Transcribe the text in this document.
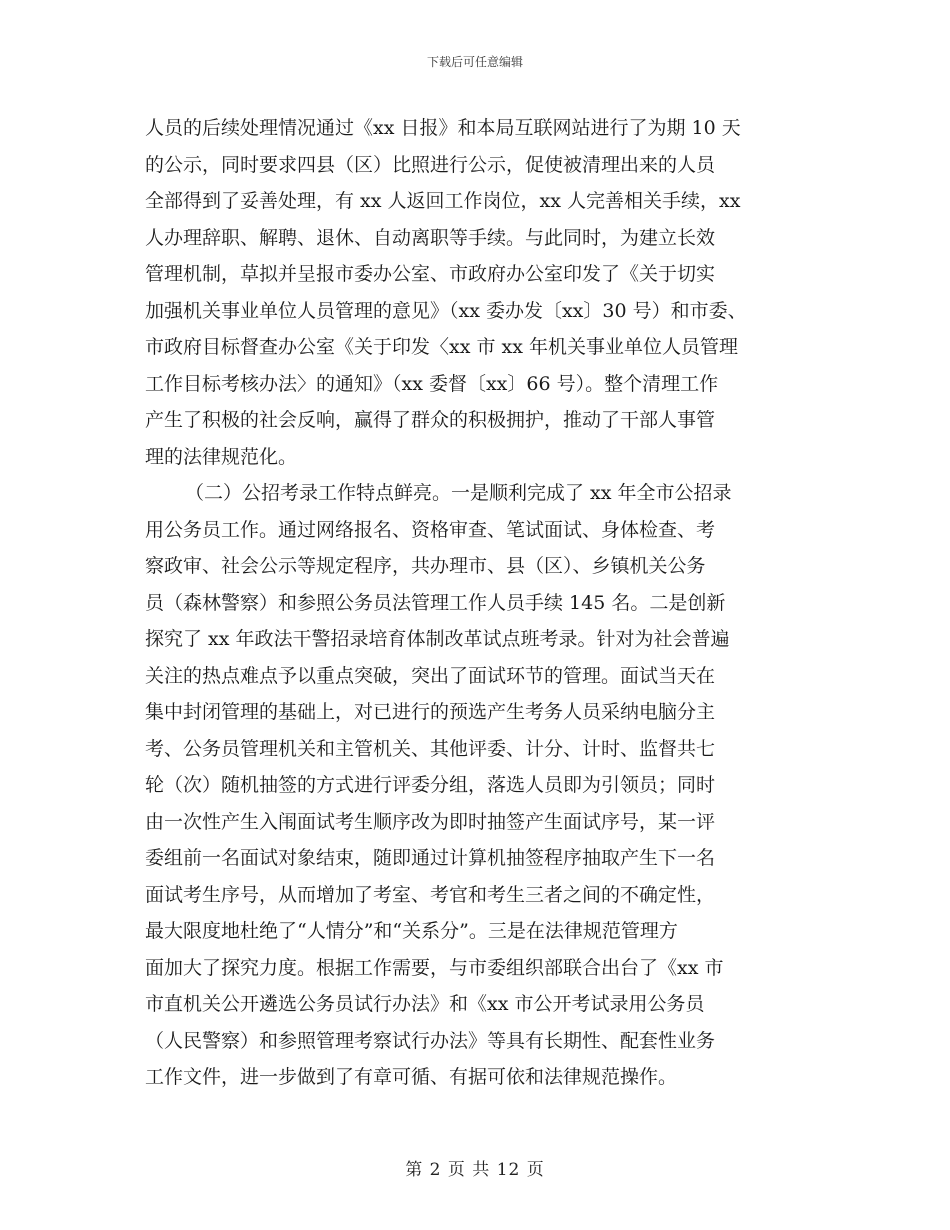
下载后可任意编辑
人员的后续处理情况通过《xx 日报》和本局互联网站进行了为期 10 天
的公示，同时要求四县（区）比照进行公示，促使被清理出来的人员
全部得到了妥善处理，有 xx 人返回工作岗位，xx 人完善相关手续，xx
人办理辞职、解聘、退休、自动离职等手续。与此同时，为建立长效
管理机制，草拟并呈报市委办公室、市政府办公室印发了《关于切实
加强机关事业单位人员管理的意见》（xx 委办发〔xx〕30 号）和市委、
市政府目标督查办公室《关于印发〈xx 市 xx 年机关事业单位人员管理
工作目标考核办法〉的通知》（xx 委督〔xx〕66 号）。整个清理工作
产生了积极的社会反响，赢得了群众的积极拥护，推动了干部人事管
理的法律规范化。
（二）公招考录工作特点鲜亮。一是顺利完成了 xx 年全市公招录
用公务员工作。通过网络报名、资格审查、笔试面试、身体检查、考
察政审、社会公示等规定程序，共办理市、县（区）、乡镇机关公务
员（森林警察）和参照公务员法管理工作人员手续 145 名。二是创新
探究了 xx 年政法干警招录培育体制改革试点班考录。针对为社会普遍
关注的热点难点予以重点突破，突出了面试环节的管理。面试当天在
集中封闭管理的基础上，对已进行的预选产生考务人员采纳电脑分主
考、公务员管理机关和主管机关、其他评委、计分、计时、监督共七
轮（次）随机抽签的方式进行评委分组，落选人员即为引领员；同时
由一次性产生入闱面试考生顺序改为即时抽签产生面试序号，某一评
委组前一名面试对象结束，随即通过计算机抽签程序抽取产生下一名
面试考生序号，从而增加了考室、考官和考生三者之间的不确定性，
最大限度地杜绝了“人情分”和“关系分”。三是在法律规范管理方
面加大了探究力度。根据工作需要，与市委组织部联合出台了《xx 市
市直机关公开遴选公务员试行办法》和《xx 市公开考试录用公务员
（人民警察）和参照管理考察试行办法》等具有长期性、配套性业务
工作文件，进一步做到了有章可循、有据可依和法律规范操作。
第 2 页 共 12 页
